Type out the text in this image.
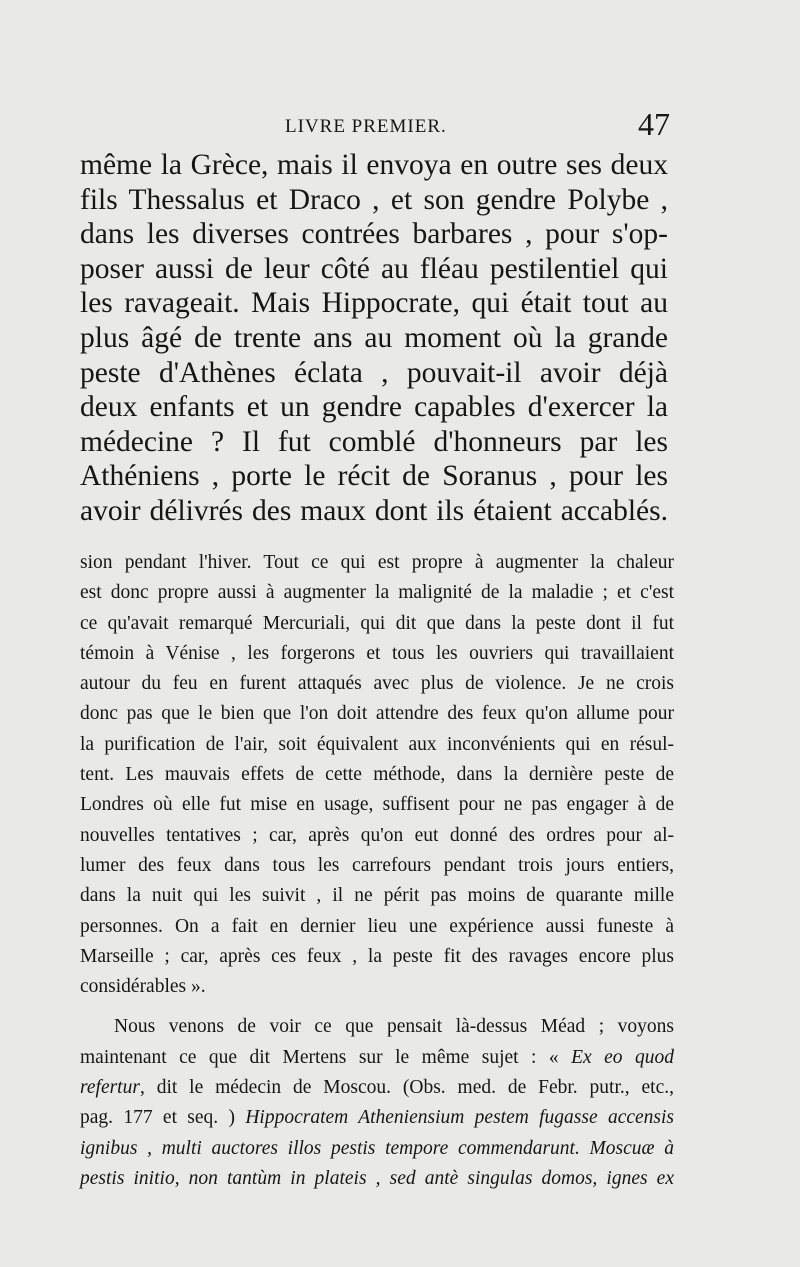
LIVRE PREMIER.	47
même la Grèce, mais il envoya en outre ses deux
fils Thessalus et Draco , et son gendre Polybe ,
dans les diverses contrées barbares , pour s'op-
poser aussi de leur côté au fléau pestilentiel qui
les ravageait. Mais Hippocrate, qui était tout au
plus âgé de trente ans au moment où la grande
peste d'Athènes éclata , pouvait-il avoir déjà
deux enfants et un gendre capables d'exercer la
médecine ? Il fut comblé d'honneurs par les
Athéniens , porte le récit de Soranus , pour les
avoir délivrés des maux dont ils étaient accablés.
sion pendant l'hiver. Tout ce qui est propre à augmenter la chaleur
est donc propre aussi à augmenter la malignité de la maladie ; et c'est
ce qu'avait remarqué Mercuriali, qui dit que dans la peste dont il fut
témoin à Vénise , les forgerons et tous les ouvriers qui travaillaient
autour du feu en furent attaqués avec plus de violence. Je ne crois
donc pas que le bien que l'on doit attendre des feux qu'on allume pour
la purification de l'air, soit équivalent aux inconvénients qui en résul-
tent. Les mauvais effets de cette méthode, dans la dernière peste de
Londres où elle fut mise en usage, suffisent pour ne pas engager à de
nouvelles tentatives ; car, après qu'on eut donné des ordres pour al-
lumer des feux dans tous les carrefours pendant trois jours entiers,
dans la nuit qui les suivit , il ne périt pas moins de quarante mille
personnes. On a fait en dernier lieu une expérience aussi funeste à
Marseille ; car, après ces feux , la peste fit des ravages encore plus
considérables ».
Nous venons de voir ce que pensait là-dessus Méad ; voyons
maintenant ce que dit Mertens sur le même sujet : « Ex eo quod
refertur, dit le médecin de Moscou. (Obs. med. de Febr. putr., etc.,
pag. 177 et seq. ) Hippocratem Atheniensium pestem fugasse accensis
ignibus , multi auctores illos pestis tempore commendarunt. Moscuæ à
pestis initio, non tantùm in plateis , sed antè singulas domos, ignes ex
